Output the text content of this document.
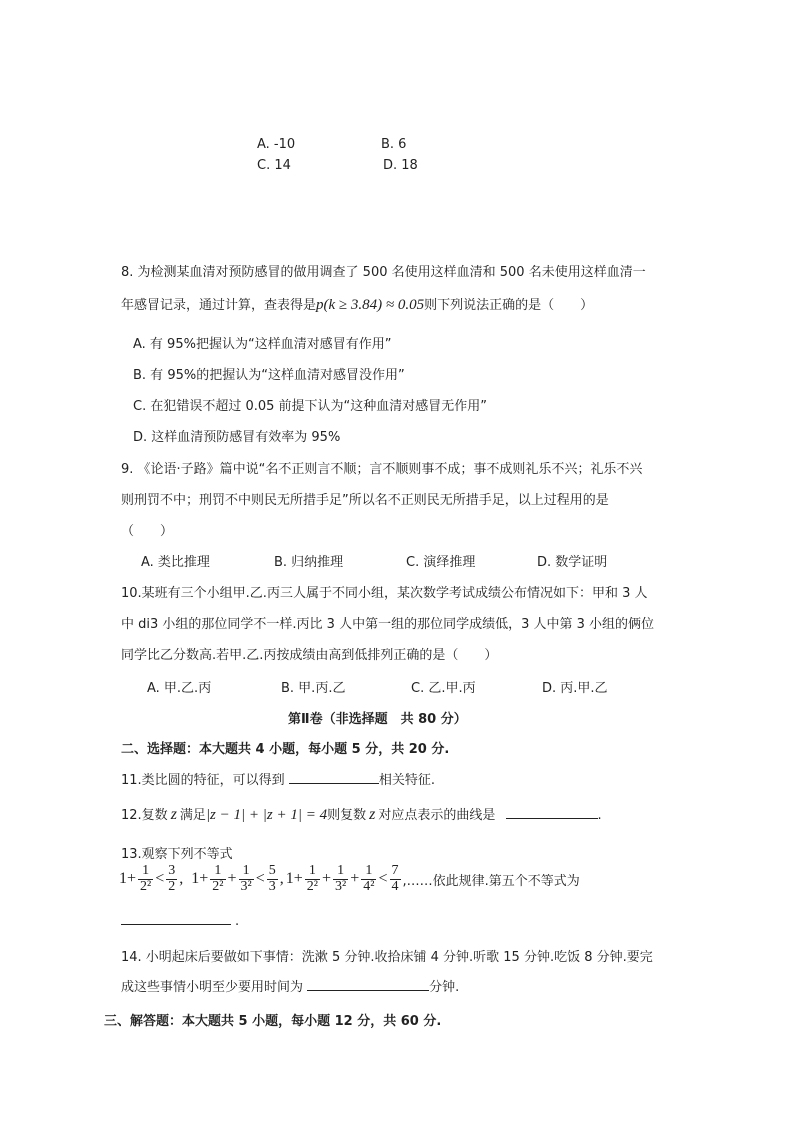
A. -10	B. 6
C. 14	D. 18
8. 为检测某血清对预防感冒的做用调查了 500 名使用这样血清和 500 名未使用这样血清一
年感冒记录，通过计算，查表得是p(k ≥ 3.84) ≈ 0.05则下列说法正确的是（　　）
A. 有 95%把握认为“这样血清对感冒有作用”
B. 有 95%的把握认为“这样血清对感冒没作用”
C. 在犯错误不超过 0.05 前提下认为“这种血清对感冒无作用”
D. 这样血清预防感冒有效率为 95%
9. 《论语·子路》篇中说“名不正则言不顺；言不顺则事不成；事不成则礼乐不兴；礼乐不兴
则刑罚不中；刑罚不中则民无所措手足”所以名不正则民无所措手足，以上过程用的是
（　　）
A. 类比推理	B. 归纳推理	C. 演绎推理	D. 数学证明
10.某班有三个小组甲.乙.丙三人属于不同小组，某次数学考试成绩公布情况如下：甲和 3 人
中 di3 小组的那位同学不一样.丙比 3 人中第一组的那位同学成绩低，3 人中第 3 小组的俩位
同学比乙分数高.若甲.乙.丙按成绩由高到低排列正确的是（　　）
A. 甲.乙.丙	B. 甲.丙.乙	C. 乙.甲.丙	D. 丙.甲.乙
第Ⅱ卷（非选择题　共 80 分）
二、选择题：本大题共 4 小题，每小题 5 分，共 20 分.
11.类比圆的特征，可以得到	相关特征.
12.复数 z 满足|z − 1| + |z + 1| = 4则复数 z 对应点表示的曲线是	.
13.观察下列不等式
$1+ \frac{1}{\text{2²}} < \frac{3}{2}$ , $1+ \frac{1}{\text{2²}} + \frac{1}{\text{3²}} < \frac{5}{3}$ , $1+ \frac{1}{\text{2²}} + \frac{1}{\text{3²}} + \frac{1}{\text{4²}} < \frac{7}{4}$ ,……依此规律.第五个不等式为
.
14. 小明起床后要做如下事情：洗漱 5 分钟.收拾床铺 4 分钟.听歌 15 分钟.吃饭 8 分钟.要完
成这些事情小明至少要用时间为	分钟.
三、解答题：本大题共 5 小题，每小题 12 分，共 60 分.
